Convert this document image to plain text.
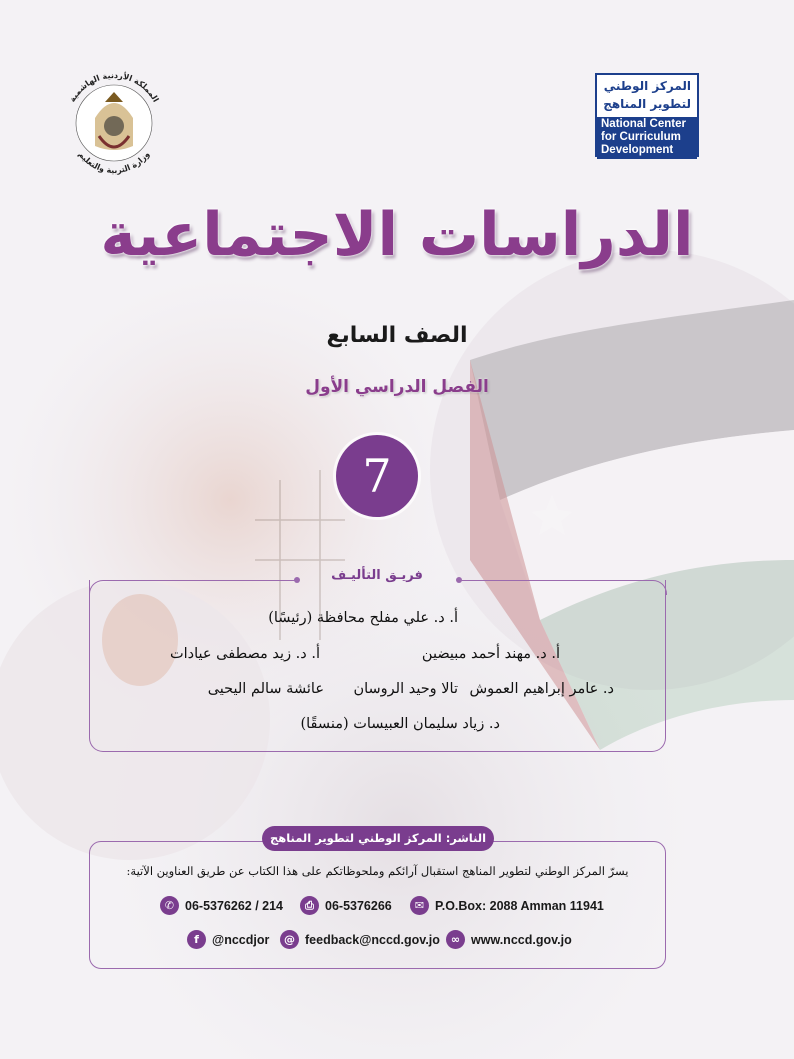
المملكة الأردنية الهاشمية
وزارة التربية والتعليم
المركز الوطني
لتطوير المناهج
National Center
for Curriculum
Development
الدراسات الاجتماعية
الصف السابع
الفصل الدراسي الأول
7
فريـق التأليـف
أ. د. علي مفلح محافظة (رئيسًا)
أ. د. مهند أحمد مبيضين
أ. د. زيد مصطفى عيادات
د. عامر إبراهيم العموش
تالا وحيد الروسان
عائشة سالم اليحيى
د. زياد سليمان العبيسات (منسقًا)
الناشر: المركز الوطني لتطوير المناهج
يسرّ المركز الوطني لتطوير المناهج استقبال آرائكم وملحوظاتكم على هذا الكتاب عن طريق العناوين الآتية:
✆ 06-5376262 / 214	⎙ 06-5376266	✉ P.O.Box: 2088 Amman 11941
f	@nccdjor	@ feedback@nccd.gov.jo	∞ www.nccd.gov.jo
